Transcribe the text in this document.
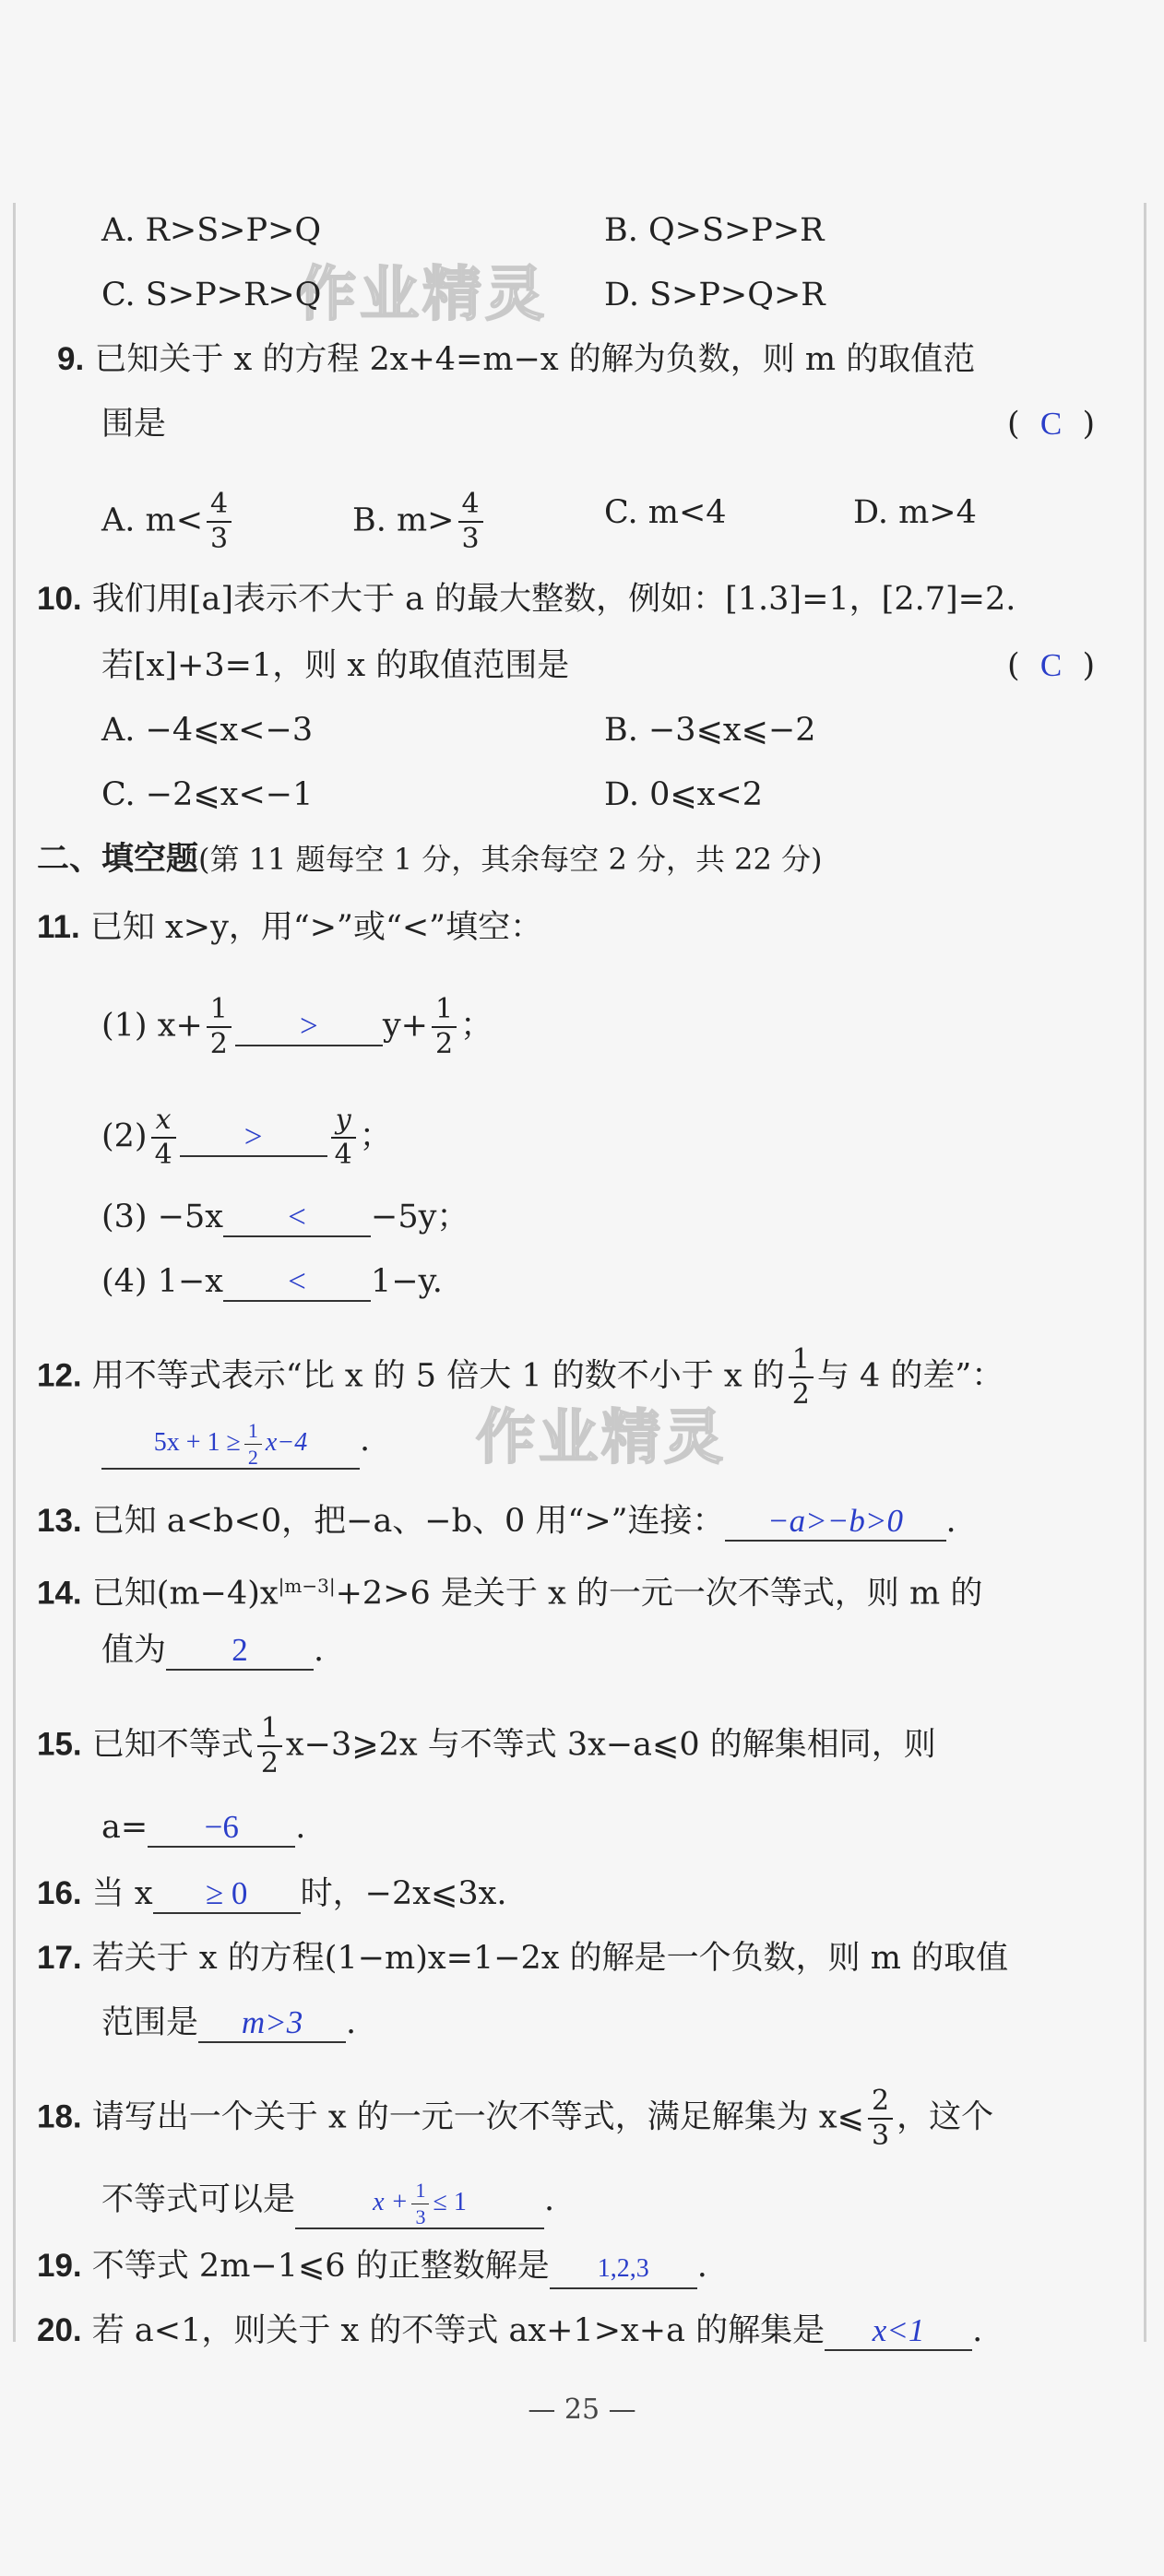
作业精灵
作业精灵
A. R>S>P>Q	B. Q>S>P>R
C. S>P>R>Q	D. S>P>Q>R
9. 已知关于 x 的方程 2x+4=m−x 的解为负数，则 m 的取值范
围是	(  C  )
A. $m< \frac{4}{3}$	B. $m> \frac{4}{3}$	C. m<4	D. m>4
10. 我们用[a]表示不大于 a 的最大整数，例如：[1.3]=1，[2.7]=2.
若[x]+3=1，则 x 的取值范围是	(  C  )
A. −4⩽x<−3	B. −3⩽x⩽−2
C. −2⩽x<−1	D. 0⩽x<2
二、填空题(第 11 题每空 1 分，其余每空 2 分，共 22 分)
11. 已知 x>y，用“>”或“<”填空：
(1) $x+ \frac{1}{2} > y+ \frac{1}{2}$ ；
$(2) \frac{x}{4} > \frac{y}{4}$ ；
(3) −5x < −5y；
(4) 1−x < 1−y.
12. 用不等式表示“比 x 的 5 倍大 1 的数不小于 x 的 $\frac{1}{2}$ 与 4 的差”：
$5x + 1 \ge \frac{1}{2} x-4$ .
13. 已知 a<b<0，把−a、−b、0 用“>”连接： −a>−b>0 .
14. 已知$(m-4)x^{|m-3|}+2>6$ 是关于 x 的一元一次不等式，则 m 的
值为 2 .
15. 已知不等式 $\frac{1}{2}$ x−3⩾2x 与不等式 3x−a⩽0 的解集相同，则
a= −6 .
16. 当 x ≥ 0 时，−2x⩽3x.
17. 若关于 x 的方程(1−m)x=1−2x 的解是一个负数，则 m 的取值
范围是 m>3 .
18. 请写出一个关于 x 的一元一次不等式，满足解集为 x⩽ $\frac{2}{3}$ ，这个
不等式可以是	$x + \frac{1}{3} \le 1$ .
19. 不等式 2m−1⩽6 的正整数解是 1,2,3 .
20. 若 a<1，则关于 x 的不等式 ax+1>x+a 的解集是 x<1 .
— 25 —
